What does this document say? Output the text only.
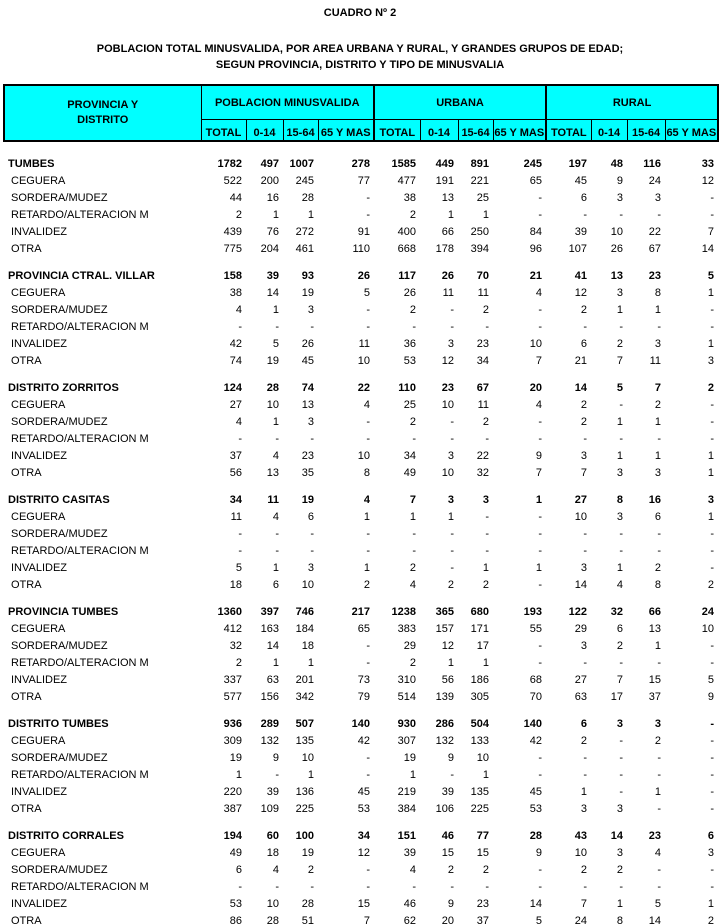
CUADRO Nº 2
POBLACION TOTAL MINUSVALIDA, POR AREA URBANA Y RURAL, Y GRANDES GRUPOS DE EDAD;
SEGUN PROVINCIA, DISTRITO Y TIPO DE MINUSVALIA
PROVINCIA Y
DISTRITO	POBLACION MINUSVALIDA				URBANA				RURAL			
	TOTAL	0-14	15-64	65 Y MAS	TOTAL	0-14	15-64	65 Y MAS	TOTAL	0-14	15-64	65 Y MAS
TUMBES	1782	497	1007	278	1585	449	891	245	197	48	116	33
CEGUERA	522	200	245	77	477	191	221	65	45	9	24	12
SORDERA/MUDEZ	44	16	28	-	38	13	25	-	6	3	3	-
RETARDO/ALTERACION M	2	1	1	-	2	1	1	-	-	-	-	-
INVALIDEZ	439	76	272	91	400	66	250	84	39	10	22	7
OTRA	775	204	461	110	668	178	394	96	107	26	67	14
PROVINCIA CTRAL. VILLAR	158	39	93	26	117	26	70	21	41	13	23	5
CEGUERA	38	14	19	5	26	11	11	4	12	3	8	1
SORDERA/MUDEZ	4	1	3	-	2	-	2	-	2	1	1	-
RETARDO/ALTERACION M	-	-	-	-	-	-	-	-	-	-	-	-
INVALIDEZ	42	5	26	11	36	3	23	10	6	2	3	1
OTRA	74	19	45	10	53	12	34	7	21	7	11	3
DISTRITO ZORRITOS	124	28	74	22	110	23	67	20	14	5	7	2
CEGUERA	27	10	13	4	25	10	11	4	2	-	2	-
SORDERA/MUDEZ	4	1	3	-	2	-	2	-	2	1	1	-
RETARDO/ALTERACION M	-	-	-	-	-	-	-	-	-	-	-	-
INVALIDEZ	37	4	23	10	34	3	22	9	3	1	1	1
OTRA	56	13	35	8	49	10	32	7	7	3	3	1
DISTRITO CASITAS	34	11	19	4	7	3	3	1	27	8	16	3
CEGUERA	11	4	6	1	1	1	-	-	10	3	6	1
SORDERA/MUDEZ	-	-	-	-	-	-	-	-	-	-	-	-
RETARDO/ALTERACION M	-	-	-	-	-	-	-	-	-	-	-	-
INVALIDEZ	5	1	3	1	2	-	1	1	3	1	2	-
OTRA	18	6	10	2	4	2	2	-	14	4	8	2
PROVINCIA TUMBES	1360	397	746	217	1238	365	680	193	122	32	66	24
CEGUERA	412	163	184	65	383	157	171	55	29	6	13	10
SORDERA/MUDEZ	32	14	18	-	29	12	17	-	3	2	1	-
RETARDO/ALTERACION M	2	1	1	-	2	1	1	-	-	-	-	-
INVALIDEZ	337	63	201	73	310	56	186	68	27	7	15	5
OTRA	577	156	342	79	514	139	305	70	63	17	37	9
DISTRITO TUMBES	936	289	507	140	930	286	504	140	6	3	3	-
CEGUERA	309	132	135	42	307	132	133	42	2	-	2	-
SORDERA/MUDEZ	19	9	10	-	19	9	10	-	-	-	-	-
RETARDO/ALTERACION M	1	-	1	-	1	-	1	-	-	-	-	-
INVALIDEZ	220	39	136	45	219	39	135	45	1	-	1	-
OTRA	387	109	225	53	384	106	225	53	3	3	-	-
DISTRITO CORRALES	194	60	100	34	151	46	77	28	43	14	23	6
CEGUERA	49	18	19	12	39	15	15	9	10	3	4	3
SORDERA/MUDEZ	6	4	2	-	4	2	2	-	2	2	-	-
RETARDO/ALTERACION M	-	-	-	-	-	-	-	-	-	-	-	-
INVALIDEZ	53	10	28	15	46	9	23	14	7	1	5	1
OTRA	86	28	51	7	62	20	37	5	24	8	14	2
